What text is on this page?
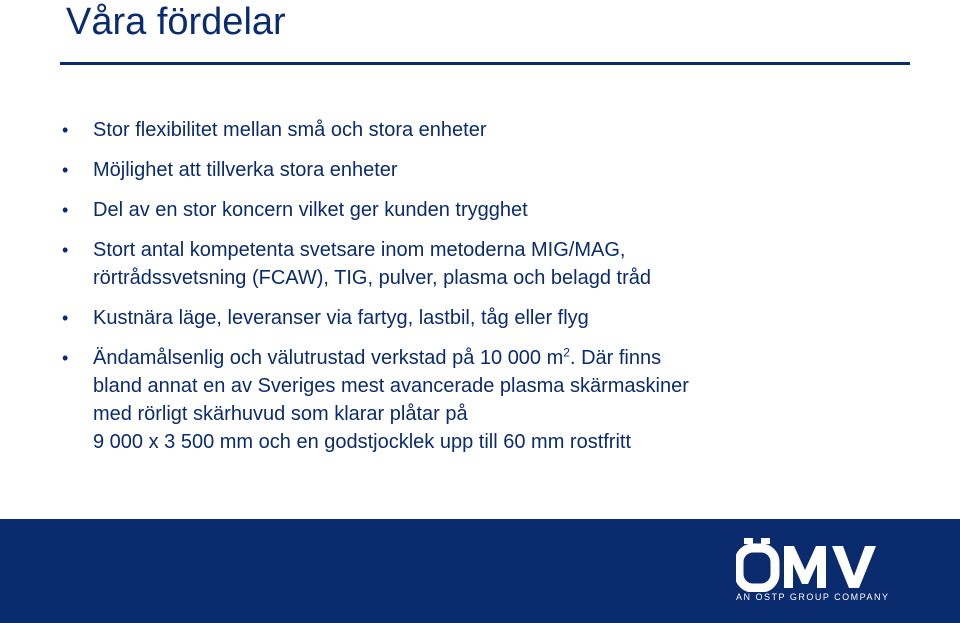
Våra fördelar
• Stor flexibilitet mellan små och stora enheter
• Möjlighet att tillverka stora enheter
• Del av en stor koncern vilket ger kunden trygghet
• Stort antal kompetenta svetsare inom metoderna MIG/MAG,
rörtrådssvetsning (FCAW), TIG, pulver, plasma och belagd tråd
• Kustnära läge, leveranser via fartyg, lastbil, tåg eller flyg
• Ändamålsenlig och välutrustad verkstad på 10 000 $m^2$. Där finns
bland annat en av Sveriges mest avancerade plasma skärmaskiner
med rörligt skärhuvud som klarar plåtar på
9 000 x 3 500 mm och en godstjocklek upp till 60 mm rostfritt
AN OSTP GROUP COMPANY
